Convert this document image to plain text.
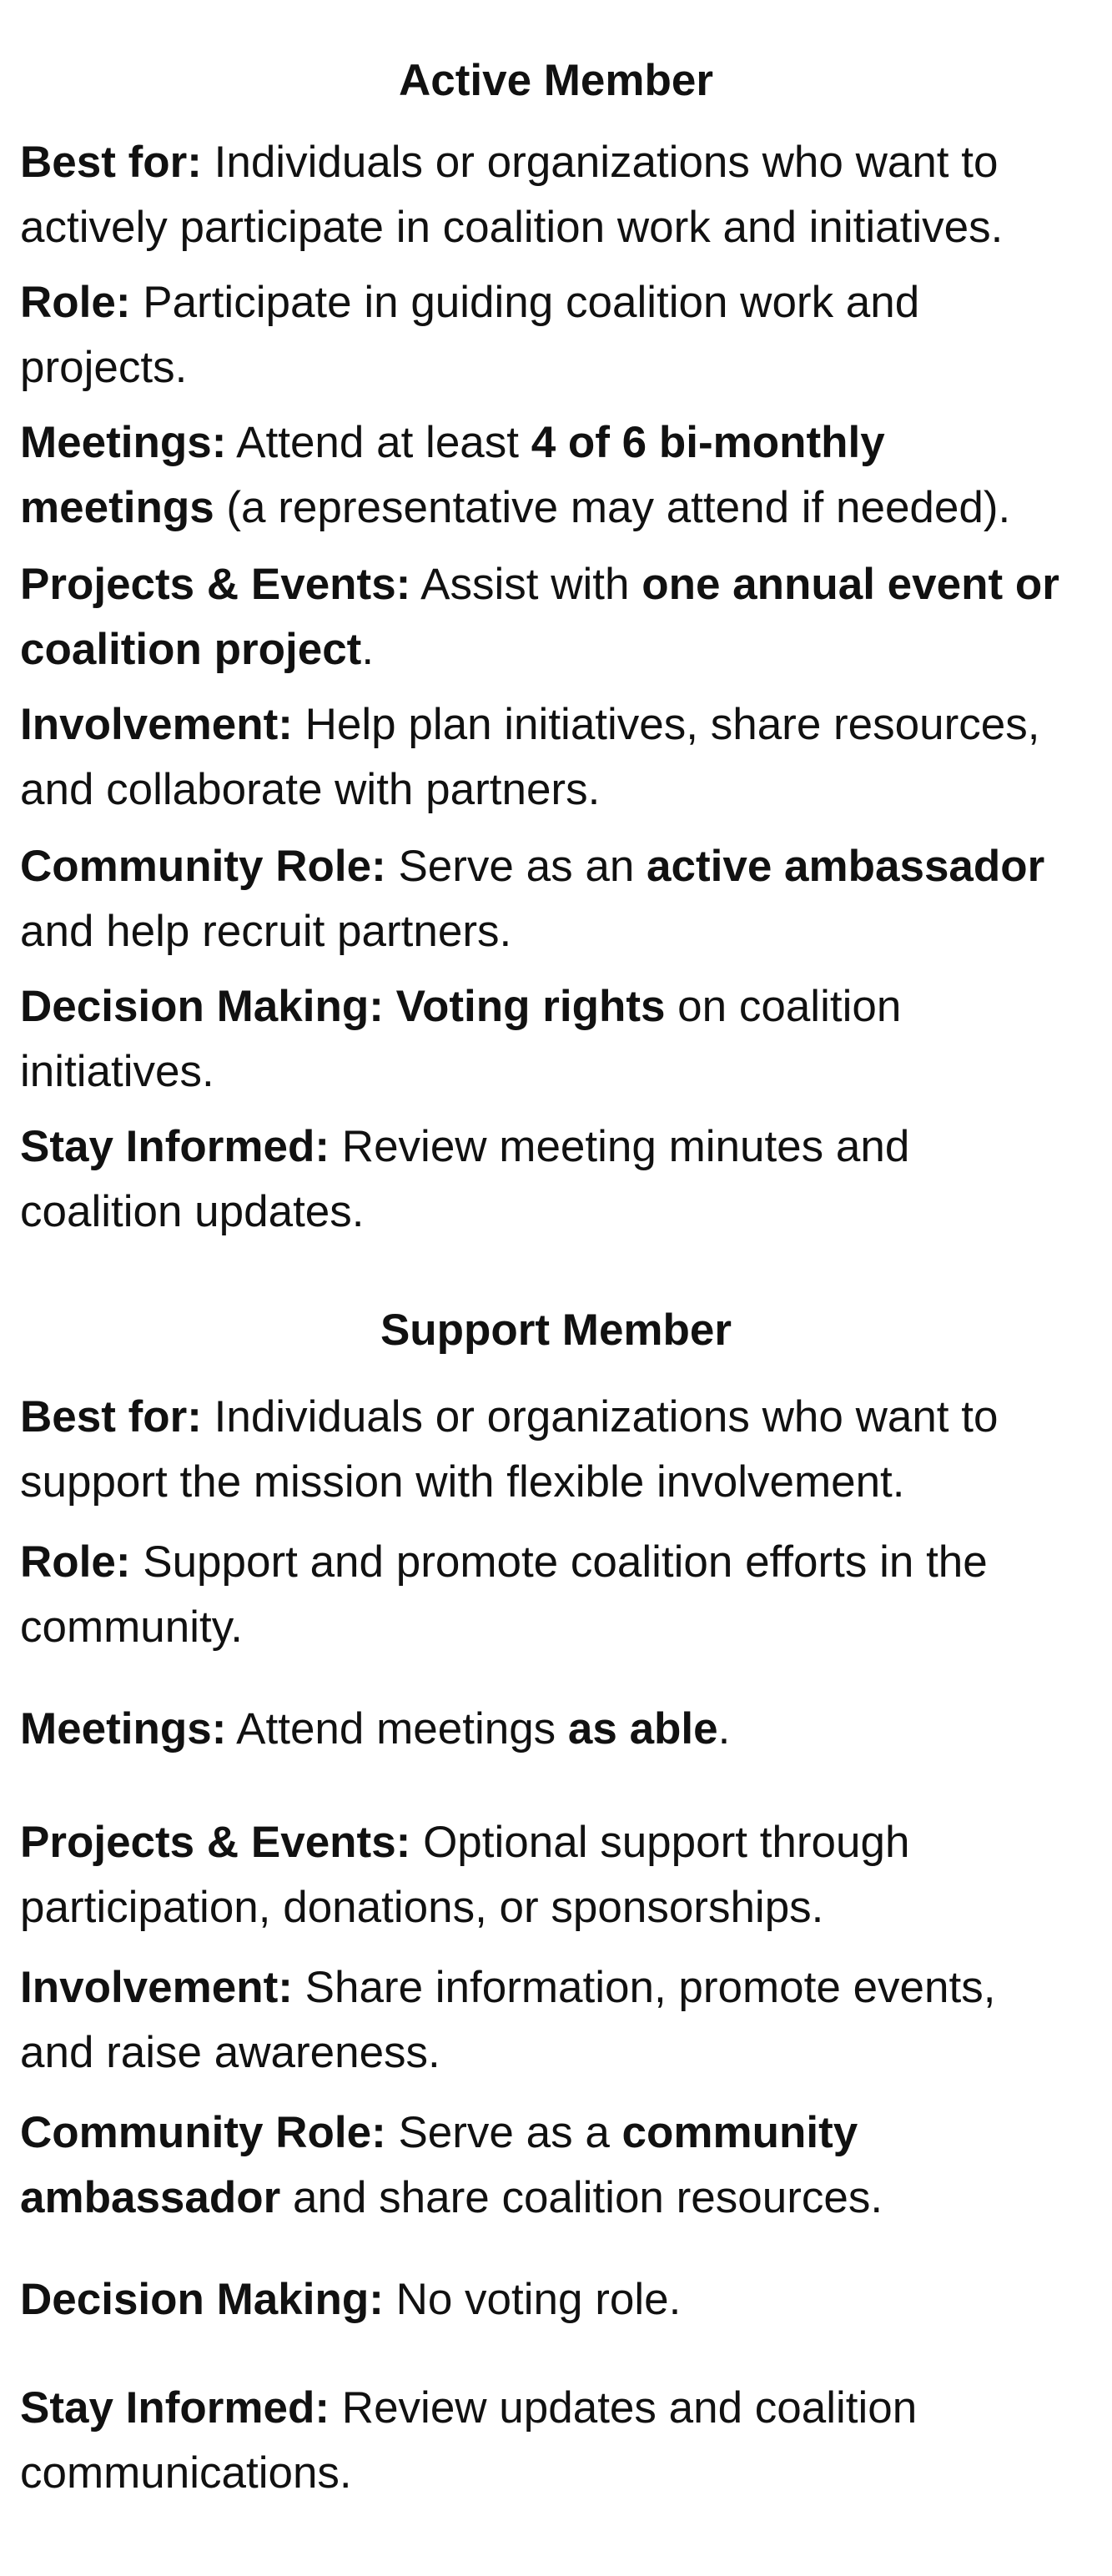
Active Member

Best for: Individuals or organizations who want to
actively participate in coalition work and initiatives.

Role: Participate in guiding coalition work and
projects.

Meetings: Attend at least 4 of 6 bi-monthly
meetings (a representative may attend if needed).

Projects & Events: Assist with one annual event or
coalition project.

Involvement: Help plan initiatives, share resources,
and collaborate with partners.

Community Role: Serve as an active ambassador
and help recruit partners.

Decision Making: Voting rights on coalition
initiatives.

Stay Informed: Review meeting minutes and
coalition updates.

Support Member

Best for: Individuals or organizations who want to
support the mission with flexible involvement.

Role: Support and promote coalition efforts in the
community.

Meetings: Attend meetings as able.

Projects & Events: Optional support through
participation, donations, or sponsorships.

Involvement: Share information, promote events,
and raise awareness.

Community Role: Serve as a community
ambassador and share coalition resources.

Decision Making: No voting role.

Stay Informed: Review updates and coalition
communications.
